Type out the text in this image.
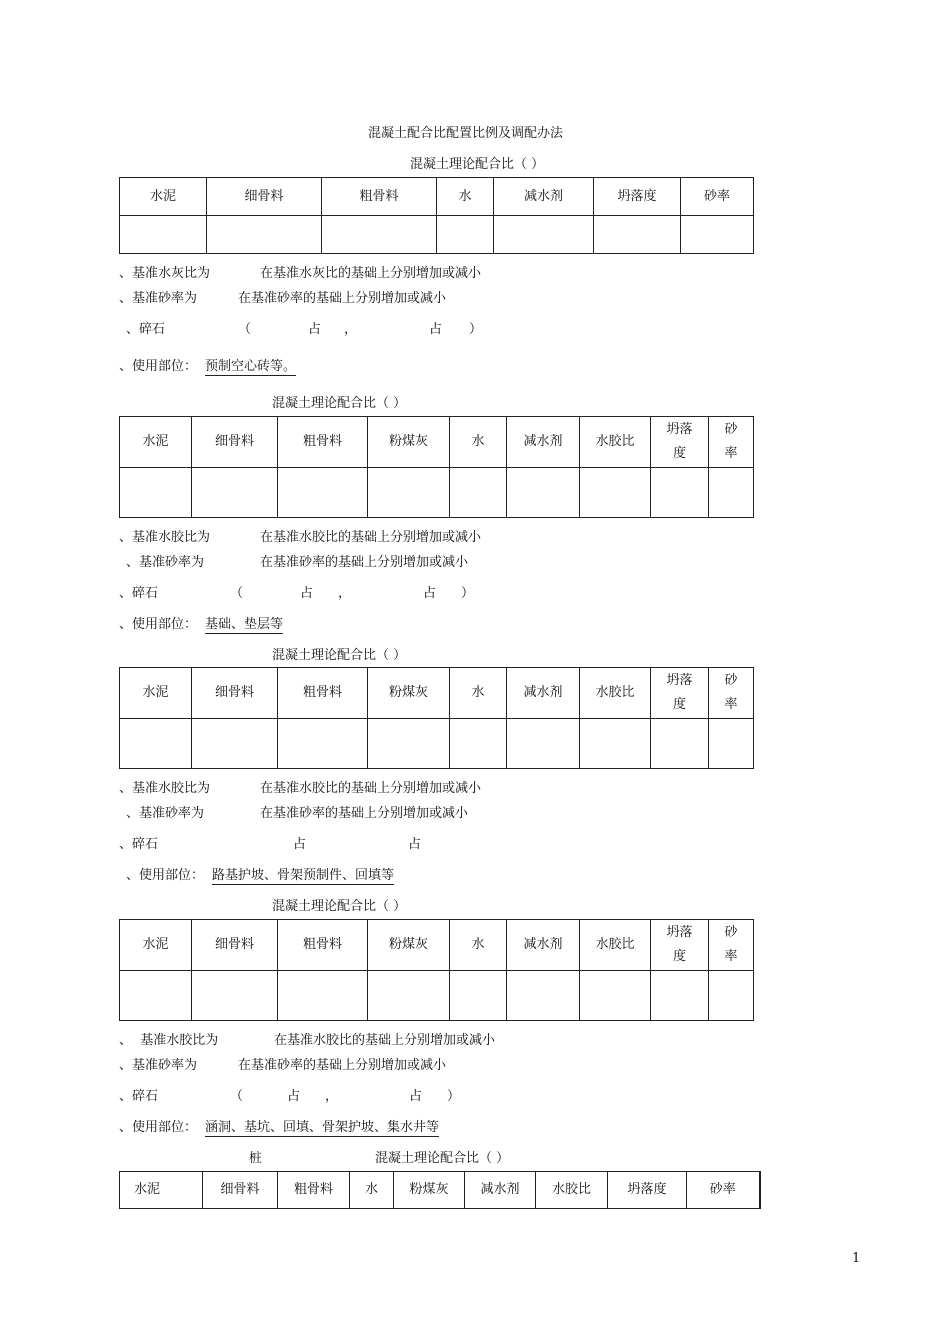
混凝土配合比配置比例及调配办法
混凝土理论配合比（ ）
水泥	细骨料	粗骨料	水	减水剂	坍落度	砂率

、基准水灰比为	在基准水灰比的基础上分别增加或减小
、基准砂率为	在基准砂率的基础上分别增加或减小
、碎石	（	占 ，	占 ）
、使用部位： 预制空心砖等。
混凝土理论配合比（ ）
水泥	细骨料	粗骨料	粉煤灰	水	减水剂	水胶比	坍落度	砂率

、基准水胶比为	在基准水胶比的基础上分别增加或减小
、基准砂率为	在基准砂率的基础上分别增加或减小
、碎石	（	占 ，	占 ）
、使用部位： 基础、垫层等
混凝土理论配合比（ ）
水泥	细骨料	粗骨料	粉煤灰	水	减水剂	水胶比	坍落度	砂率

、基准水胶比为	在基准水胶比的基础上分别增加或减小
、基准砂率为	在基准砂率的基础上分别增加或减小
、碎石	占	占
、使用部位： 路基护坡、骨架预制件、回填等
混凝土理论配合比（ ）
水泥	细骨料	粗骨料	粉煤灰	水	减水剂	水胶比	坍落度	砂率

、  基准水胶比为	在基准水胶比的基础上分别增加或减小
、基准砂率为	在基准砂率的基础上分别增加或减小
、碎石	（	占 ，	占 ）
、使用部位： 涵洞、基坑、回填、骨架护坡、集水井等
桩	混凝土理论配合比（ ）
水泥	细骨料	粗骨料	水	粉煤灰	减水剂	水胶比	坍落度	砂率
1
